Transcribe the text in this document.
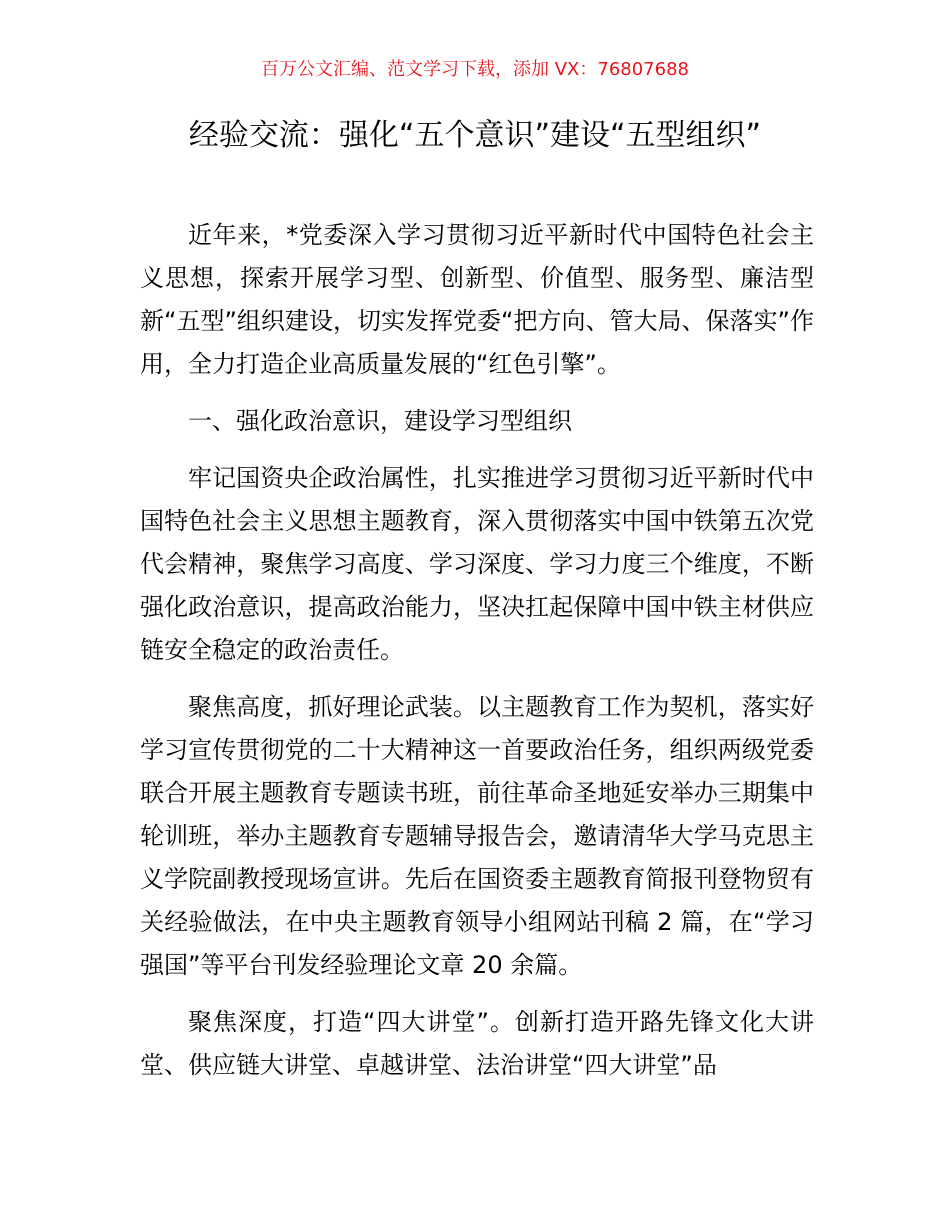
百万公文汇编、范文学习下载，添加 VX：76807688
经验交流：强化“五个意识”建设“五型组织”

近年来，*党委深入学习贯彻习近平新时代中国特色社会主义思想，探索开展学习型、创新型、价值型、服务型、廉洁型新“五型”组织建设，切实发挥党委“把方向、管大局、保落实”作用，全力打造企业高质量发展的“红色引擎”。

一、强化政治意识，建设学习型组织

牢记国资央企政治属性，扎实推进学习贯彻习近平新时代中国特色社会主义思想主题教育，深入贯彻落实中国中铁第五次党代会精神，聚焦学习高度、学习深度、学习力度三个维度，不断强化政治意识，提高政治能力，坚决扛起保障中国中铁主材供应链安全稳定的政治责任。

聚焦高度，抓好理论武装。以主题教育工作为契机，落实好学习宣传贯彻党的二十大精神这一首要政治任务，组织两级党委联合开展主题教育专题读书班，前往革命圣地延安举办三期集中轮训班，举办主题教育专题辅导报告会，邀请清华大学马克思主义学院副教授现场宣讲。先后在国资委主题教育简报刊登物贸有关经验做法，在中央主题教育领导小组网站刊稿 2 篇，在“学习强国”等平台刊发经验理论文章 20 余篇。

聚焦深度，打造“四大讲堂”。创新打造开路先锋文化大讲堂、供应链大讲堂、卓越讲堂、法治讲堂“四大讲堂”品
